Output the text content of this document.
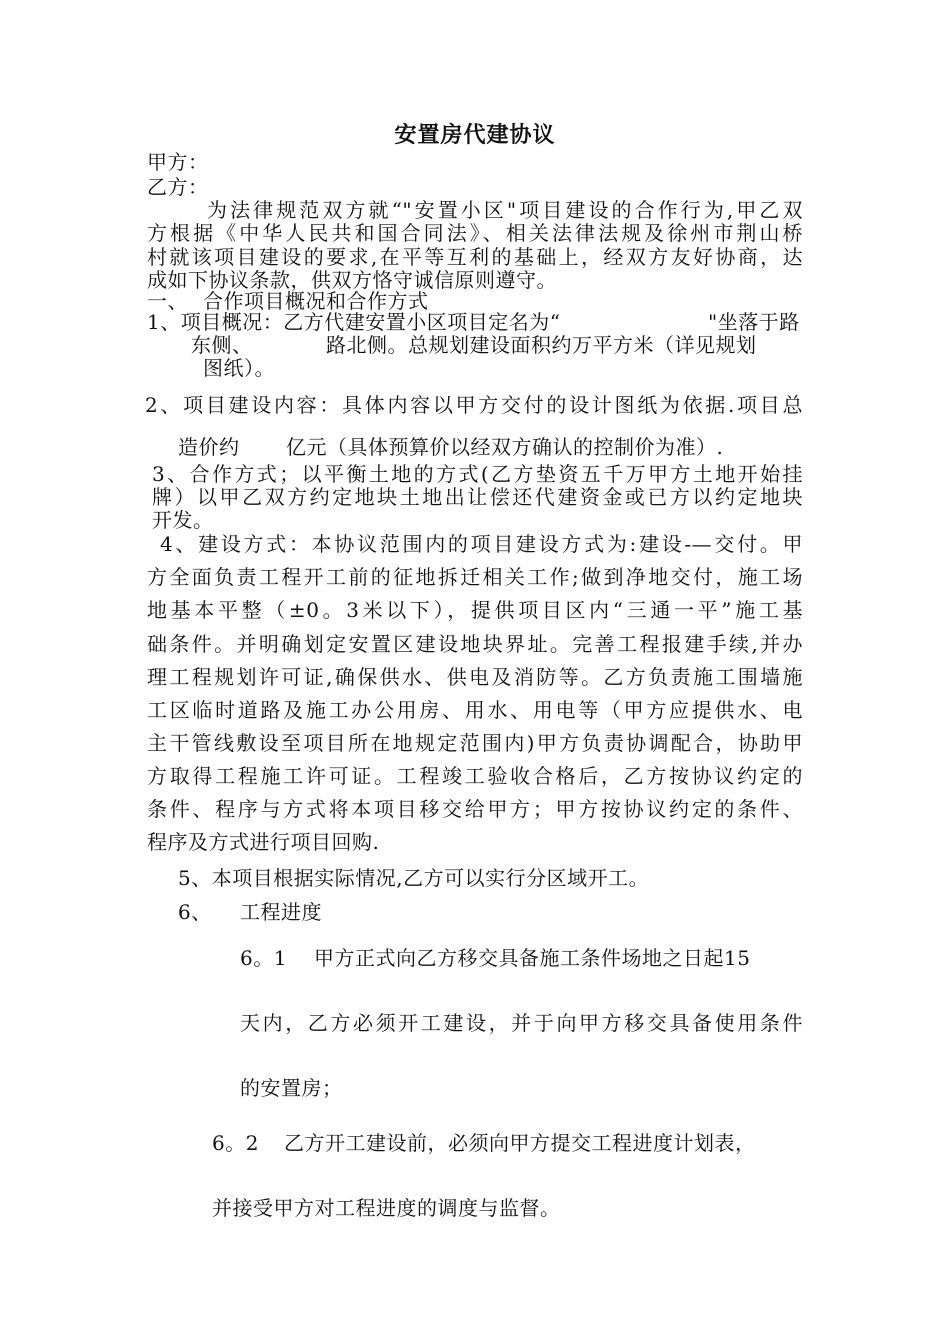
安置房代建协议
甲方：
乙方：
为法律规范双方就“"安置小区"项目建设的合作行为,甲乙双
方根据《中华人民共和国合同法》、相关法律法规及徐州市荆山桥
村就该项目建设的要求,在平等互利的基础上，经双方友好协商，达
成如下协议条款，供双方恪守诚信原则遵守。
一、 合作项目概况和合作方式
1、项目概况：乙方代建安置小区项目定名为“	"坐落于路
东侧、	路北侧。总规划建设面积约万平方米（详见规划
图纸）。
2、项目建设内容：具体内容以甲方交付的设计图纸为依据.项目总
造价约 亿元（具体预算价以经双方确认的控制价为准）.
3、合作方式；以平衡土地的方式(乙方垫资五千万甲方土地开始挂
牌）以甲乙双方约定地块土地出让偿还代建资金或已方以约定地块
开发。
4、建设方式：本协议范围内的项目建设方式为:建设-—交付。甲
方全面负责工程开工前的征地拆迁相关工作;做到净地交付，施工场
地基本平整（±0。3米以下），提供项目区内“三通一平”施工基
础条件。并明确划定安置区建设地块界址。完善工程报建手续,并办
理工程规划许可证,确保供水、供电及消防等。乙方负责施工围墙施
工区临时道路及施工办公用房、用水、用电等（甲方应提供水、电
主干管线敷设至项目所在地规定范围内)甲方负责协调配合，协助甲
方取得工程施工许可证。工程竣工验收合格后，乙方按协议约定的
条件、程序与方式将本项目移交给甲方；甲方按协议约定的条件、
程序及方式进行项目回购.
5、本项目根据实际情况,乙方可以实行分区域开工。
6、 工程进度
6。1 甲方正式向乙方移交具备施工条件场地之日起15
天内，乙方必须开工建设，并于向甲方移交具备使用条件
的安置房；
6。2 乙方开工建设前，必须向甲方提交工程进度计划表，
并接受甲方对工程进度的调度与监督。
